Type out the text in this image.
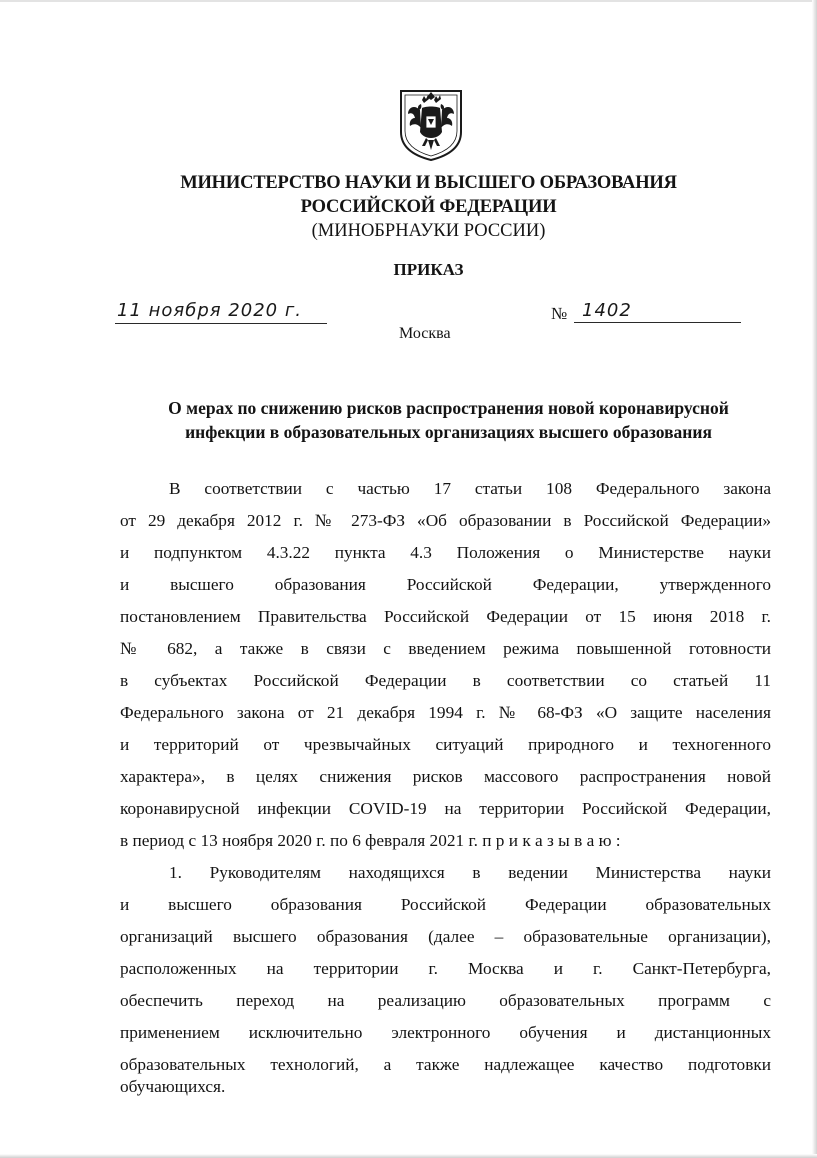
МИНИСТЕРСТВО НАУКИ И ВЫСШЕГО ОБРАЗОВАНИЯ
РОССИЙСКОЙ ФЕДЕРАЦИИ
(МИНОБРНАУКИ РОССИИ)
ПРИКАЗ
11 ноября 2020 г.	№ 1402
Москва
О мерах по снижению рисков распространения новой коронавирусной
инфекции в образовательных организациях высшего образования
В соответствии с частью 17 статьи 108 Федерального закона
от 29 декабря 2012 г. № 273-ФЗ «Об образовании в Российской Федерации»
и подпунктом 4.3.22 пункта 4.3 Положения о Министерстве науки
и высшего образования Российской Федерации, утвержденного
постановлением Правительства Российской Федерации от 15 июня 2018 г.
№ 682, а также в связи с введением режима повышенной готовности
в субъектах Российской Федерации в соответствии со статьей 11
Федерального закона от 21 декабря 1994 г. № 68-ФЗ «О защите населения
и территорий от чрезвычайных ситуаций природного и техногенного
характера», в целях снижения рисков массового распространения новой
коронавирусной инфекции COVID-19 на территории Российской Федерации,
в период с 13 ноября 2020 г. по 6 февраля 2021 г. п р и к а з ы в а ю :
1. Руководителям находящихся в ведении Министерства науки
и высшего образования Российской Федерации образовательных
организаций высшего образования (далее – образовательные организации),
расположенных на территории г. Москва и г. Санкт-Петербурга,
обеспечить переход на реализацию образовательных программ с
применением исключительно электронного обучения и дистанционных
образовательных технологий, а также надлежащее качество подготовки
обучающихся.
